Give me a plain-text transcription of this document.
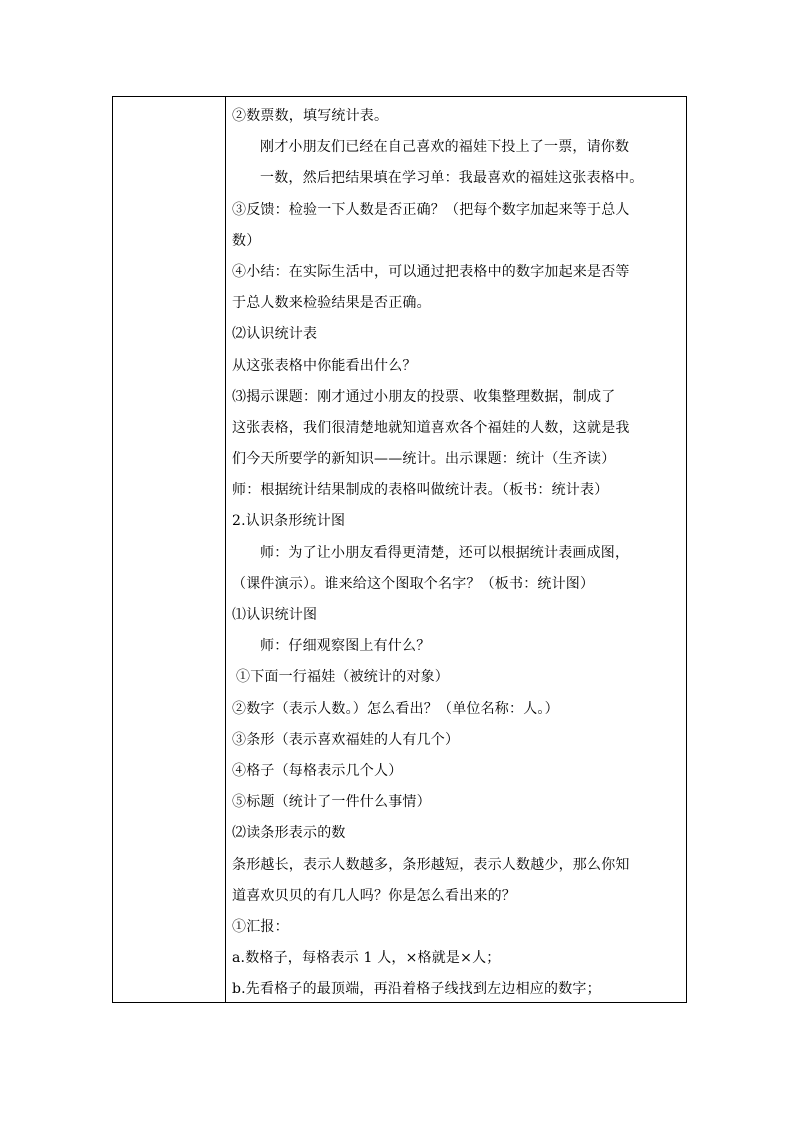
②数票数，填写统计表。
刚才小朋友们已经在自己喜欢的福娃下投上了一票，请你数
一数，然后把结果填在学习单：我最喜欢的福娃这张表格中。
③反馈：检验一下人数是否正确？（把每个数字加起来等于总人
数）
④小结：在实际生活中，可以通过把表格中的数字加起来是否等
于总人数来检验结果是否正确。
⑵认识统计表
从这张表格中你能看出什么？
⑶揭示课题：刚才通过小朋友的投票、收集整理数据，制成了
这张表格，我们很清楚地就知道喜欢各个福娃的人数，这就是我
们今天所要学的新知识——统计。出示课题：统计（生齐读）
师：根据统计结果制成的表格叫做统计表。（板书：统计表）
2.认识条形统计图
师：为了让小朋友看得更清楚，还可以根据统计表画成图，
（课件演示）。谁来给这个图取个名字？（板书：统计图）
⑴认识统计图
师：仔细观察图上有什么？
①下面一行福娃（被统计的对象）
②数字（表示人数。）怎么看出？（单位名称：人。）
③条形（表示喜欢福娃的人有几个）
④格子（每格表示几个人）
⑤标题（统计了一件什么事情）
⑵读条形表示的数
条形越长，表示人数越多，条形越短，表示人数越少，那么你知
道喜欢贝贝的有几人吗？你是怎么看出来的？
①汇报：
a.数格子，每格表示 1 人，×格就是×人；
b.先看格子的最顶端，再沿着格子线找到左边相应的数字；
